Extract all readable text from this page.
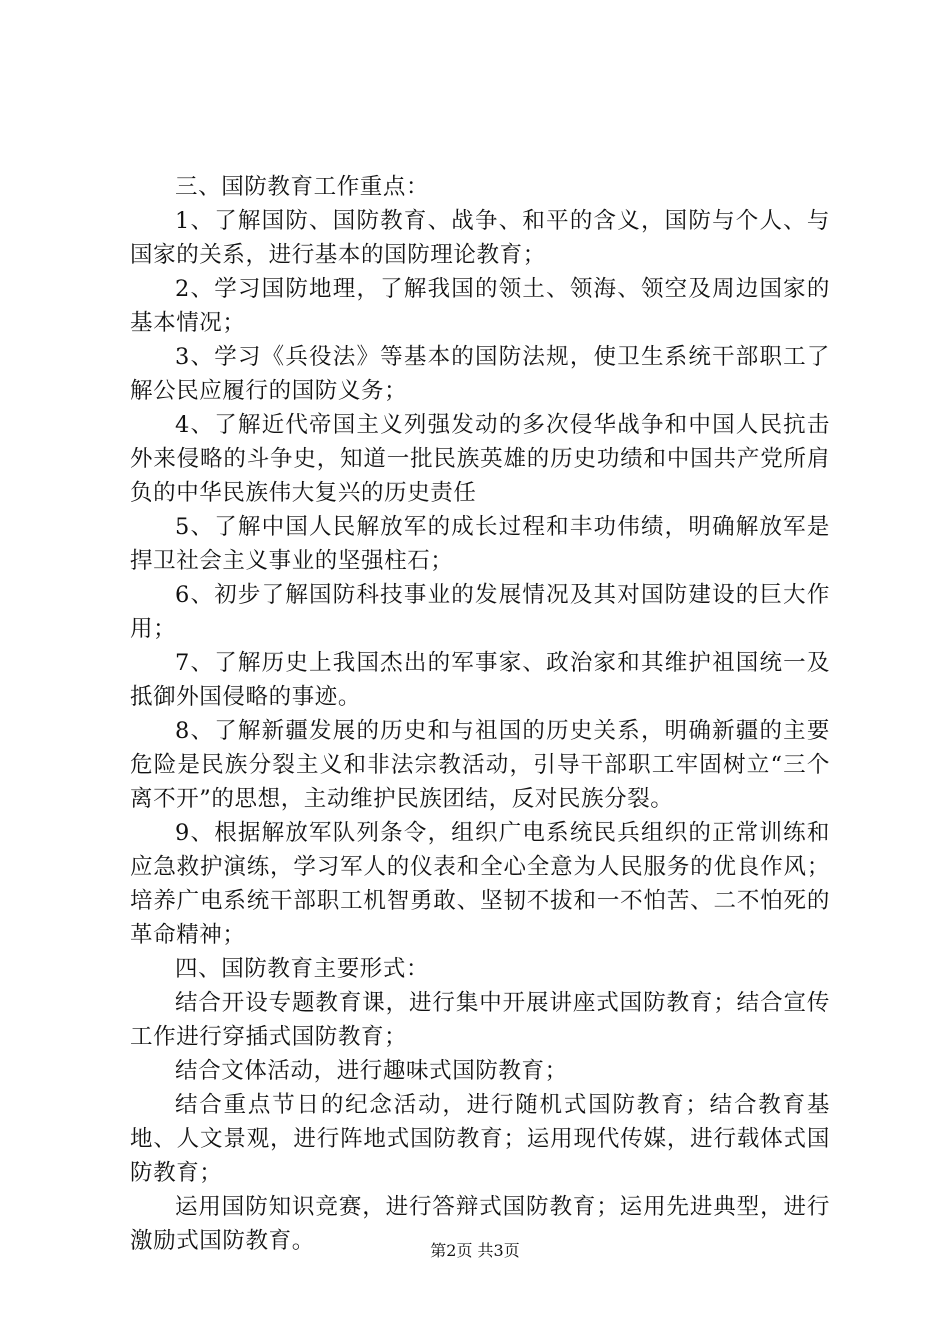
三、国防教育工作重点：

1、了解国防、国防教育、战争、和平的含义，国防与个人、与国家的关系，进行基本的国防理论教育；

2、学习国防地理，了解我国的领土、领海、领空及周边国家的基本情况；

3、学习《兵役法》等基本的国防法规，使卫生系统干部职工了解公民应履行的国防义务；

4、了解近代帝国主义列强发动的多次侵华战争和中国人民抗击外来侵略的斗争史，知道一批民族英雄的历史功绩和中国共产党所肩负的中华民族伟大复兴的历史责任

5、了解中国人民解放军的成长过程和丰功伟绩，明确解放军是捍卫社会主义事业的坚强柱石；

6、初步了解国防科技事业的发展情况及其对国防建设的巨大作用；

7、了解历史上我国杰出的军事家、政治家和其维护祖国统一及抵御外国侵略的事迹。

8、了解新疆发展的历史和与祖国的历史关系，明确新疆的主要危险是民族分裂主义和非法宗教活动，引导干部职工牢固树立“三个离不开”的思想，主动维护民族团结，反对民族分裂。

9、根据解放军队列条令，组织广电系统民兵组织的正常训练和应急救护演练，学习军人的仪表和全心全意为人民服务的优良作风；培养广电系统干部职工机智勇敢、坚韧不拔和一不怕苦、二不怕死的革命精神；

四、国防教育主要形式：

结合开设专题教育课，进行集中开展讲座式国防教育；结合宣传工作进行穿插式国防教育；

结合文体活动，进行趣味式国防教育；

结合重点节日的纪念活动，进行随机式国防教育；结合教育基地、人文景观，进行阵地式国防教育；运用现代传媒，进行载体式国防教育；

运用国防知识竞赛，进行答辩式国防教育；运用先进典型，进行激励式国防教育。	第2页 共3页
